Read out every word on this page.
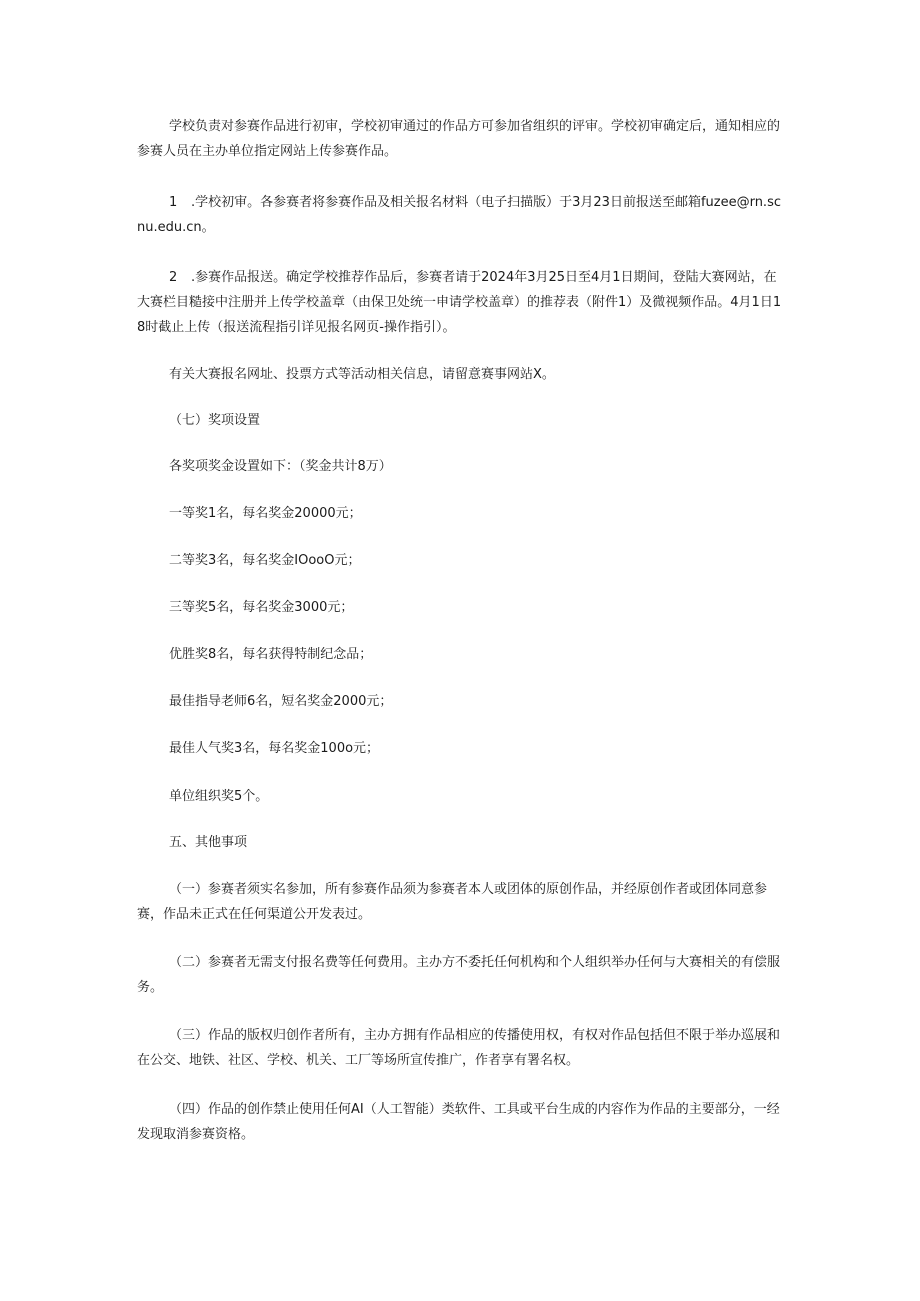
学校负责对参赛作品进行初审，学校初审通过的作品方可参加省组织的评审。学校初审确定后，通知相应的参赛人员在主办单位指定网站上传参赛作品。

1 .学校初审。各参赛者将参赛作品及相关报名材料（电子扫描版）于3月23日前报送至邮箱fuzee@rn.scnu.edu.cn。

2 .参赛作品报送。确定学校推荐作品后，参赛者请于2024年3月25日至4月1日期间，登陆大赛网站，在大赛栏目糙接中注册并上传学校盖章（由保卫处统一申请学校盖章）的推荐表（附件1）及微视频作品。4月1日18时截止上传（报送流程指引详见报名网页-操作指引）。

有关大赛报名网址、投票方式等活动相关信息，请留意赛事网站X。

（七）奖项设置

各奖项奖金设置如下：（奖金共计8万）

一等奖1名，每名奖金20000元；

二等奖3名，每名奖金IOooO元；

三等奖5名，每名奖金3000元；

优胜奖8名，每名获得特制纪念品；

最佳指导老师6名，短名奖金2000元；

最佳人气奖3名，每名奖金100o元；

单位组织奖5个。

五、其他事项

（一）参赛者须实名参加，所有参赛作品须为参赛者本人或团体的原创作品，并经原创作者或团体同意参赛，作品未正式在任何渠道公开发表过。

（二）参赛者无需支付报名费等任何费用。主办方不委托任何机构和个人组织举办任何与大赛相关的有偿服务。

（三）作品的版权归创作者所有，主办方拥有作品相应的传播使用权，有权对作品包括但不限于举办巡展和在公交、地铁、社区、学校、机关、工厂等场所宣传推广，作者享有署名权。

（四）作品的创作禁止使用任何AI（人工智能）类软件、工具或平台生成的内容作为作品的主要部分，一经发现取消参赛资格。
